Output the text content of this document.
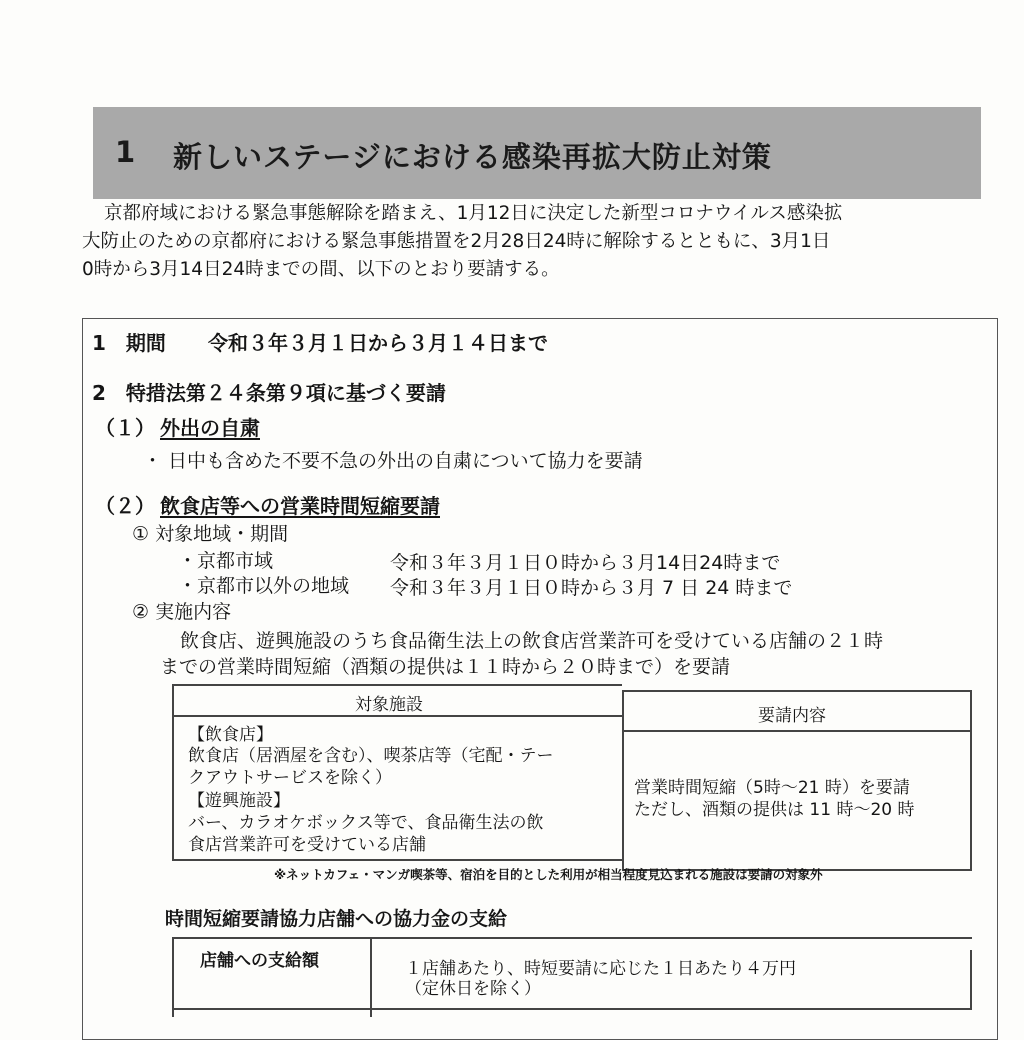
1 新しいステージにおける感染再拡大防止対策
京都府域における緊急事態解除を踏まえ、1月12日に決定した新型コロナウイルス感染拡
大防止のための京都府における緊急事態措置を2月28日24時に解除するとともに、3月1日
0時から3月14日24時までの間、以下のとおり要請する。
1　期間 令和３年３月１日から３月１４日まで
2　特措法第２４条第９項に基づく要請
（１） 外出の自粛
・ 日中も含めた不要不急の外出の自粛について協力を要請
（２） 飲食店等への営業時間短縮要請
① 対象地域・期間
・京都市域	令和３年３月１日０時から３月14日24時まで
・京都市以外の地域 令和３年３月１日０時から３月 7 日 24 時まで
② 実施内容
飲食店、遊興施設のうち食品衛生法上の飲食店営業許可を受けている店舗の２１時
までの営業時間短縮（酒類の提供は１１時から２０時まで）を要請
対象施設
要請内容
【飲食店】
飲食店（居酒屋を含む）、喫茶店等（宅配・テー
クアウトサービスを除く）
【遊興施設】
バー、カラオケボックス等で、食品衛生法の飲
食店営業許可を受けている店舗
営業時間短縮（5時～21 時）を要請
ただし、酒類の提供は 11 時～20 時
※ネットカフェ・マンガ喫茶等、宿泊を目的とした利用が相当程度見込まれる施設は要請の対象外
時間短縮要請協力店舗への協力金の支給
店舗への支給額	１店舗あたり、時短要請に応じた１日あたり４万円
（定休日を除く）
